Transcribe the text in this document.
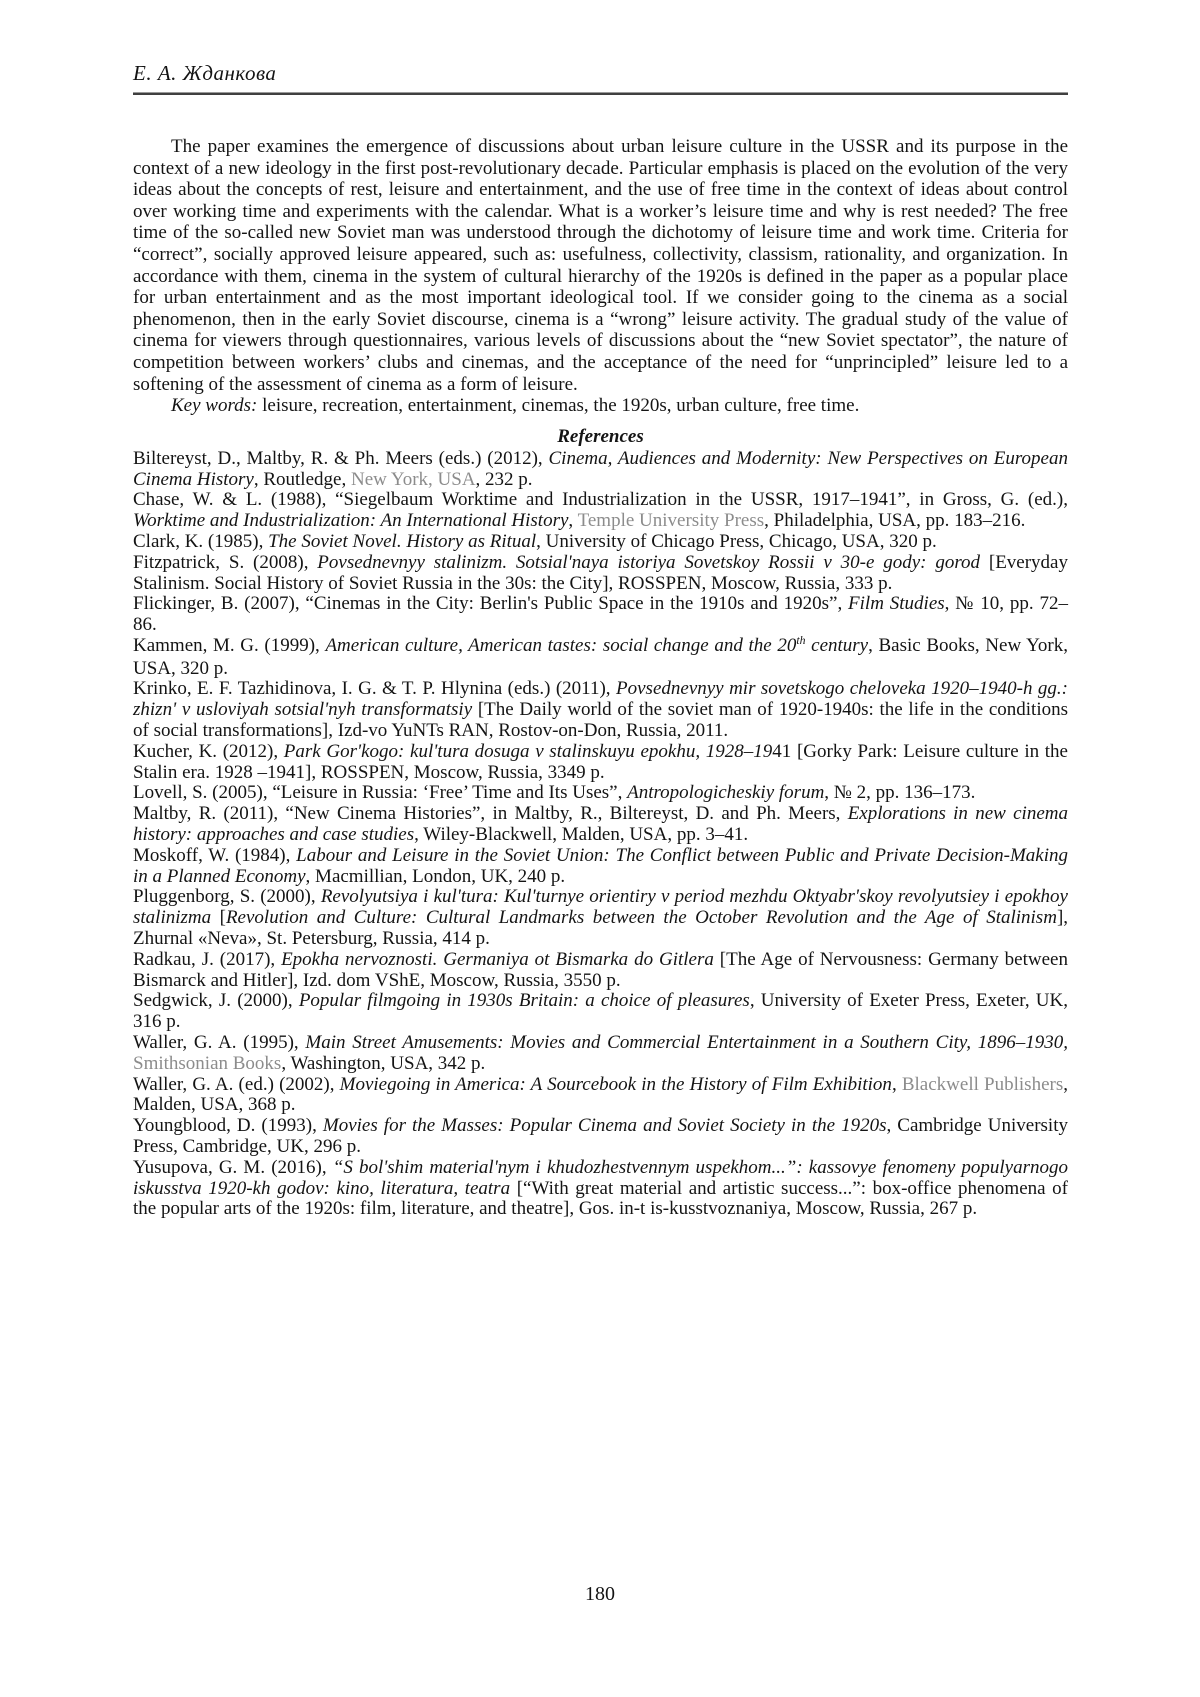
Е. А. Жданкова

The paper examines the emergence of discussions about urban leisure culture in the USSR and its purpose in the context of a new ideology in the first post-revolutionary decade. Particular emphasis is placed on the evolution of the very ideas about the concepts of rest, leisure and entertainment, and the use of free time in the context of ideas about control over working time and experiments with the calendar. What is a worker’s leisure time and why is rest needed? The free time of the so-called new Soviet man was understood through the dichotomy of leisure time and work time. Criteria for “correct”, socially approved leisure appeared, such as: usefulness, collectivity, classism, rationality, and organization. In accordance with them, cinema in the system of cultural hierarchy of the 1920s is defined in the paper as a popular place for urban entertainment and as the most important ideological tool. If we consider going to the cinema as a social phenomenon, then in the early Soviet discourse, cinema is a “wrong” leisure activity. The gradual study of the value of cinema for viewers through questionnaires, various levels of discussions about the “new Soviet spectator”, the nature of competition between workers’ clubs and cinemas, and the acceptance of the need for “unprincipled” leisure led to a softening of the assessment of cinema as a form of leisure.

Key words: leisure, recreation, entertainment, cinemas, the 1920s, urban culture, free time.

References

Biltereyst, D., Maltby, R. & Ph. Meers (eds.) (2012), Cinema, Audiences and Modernity: New Perspectives on European Cinema History, Routledge, New York, USA, 232 p.

Chase, W. & L. (1988), “Siegelbaum Worktime and Industrialization in the USSR, 1917–1941”, in Gross, G. (ed.), Worktime and Industrialization: An International History, Temple University Press, Philadelphia, USA, pp. 183–216.

Clark, K. (1985), The Soviet Novel. History as Ritual, University of Chicago Press, Chicago, USA, 320 p.

Fitzpatrick, S. (2008), Povsednevnyy stalinizm. Sotsial'naya istoriya Sovetskoy Rossii v 30-e gody: gorod [Everyday Stalinism. Social History of Soviet Russia in the 30s: the City], ROSSPEN, Moscow, Russia, 333 p.

Flickinger, B. (2007), “Cinemas in the City: Berlin's Public Space in the 1910s and 1920s”, Film Studies, № 10, pp. 72–86.

Kammen, M. G. (1999), American culture, American tastes: social change and the 20th century, Basic Books, New York, USA, 320 p.

Krinko, E. F. Tazhidinova, I. G. & T. P. Hlynina (eds.) (2011), Povsednevnyy mir sovetskogo cheloveka 1920–1940-h gg.: zhizn' v usloviyah sotsial'nyh transformatsiy [The Daily world of the soviet man of 1920-1940s: the life in the conditions of social transformations], Izd-vo YuNTs RAN, Rostov-on-Don, Russia, 2011.

Kucher, K. (2012), Park Gor'kogo: kul'tura dosuga v stalinskuyu epokhu, 1928–1941 [Gorky Park: Leisure culture in the Stalin era. 1928 –1941], ROSSPEN, Moscow, Russia, 3349 p.

Lovell, S. (2005), “Leisure in Russia: ‘Free’ Time and Its Uses”, Antropologicheskiy forum, № 2, pp. 136–173.

Maltby, R. (2011), “New Cinema Histories”, in Maltby, R., Biltereyst, D. and Ph. Meers, Explorations in new cinema history: approaches and case studies, Wiley-Blackwell, Malden, USA, pp. 3–41.

Moskoff, W. (1984), Labour and Leisure in the Soviet Union: The Conflict between Public and Private Decision-Making in a Planned Economy, Macmillian, London, UK, 240 p.

Pluggenborg, S. (2000), Revolyutsiya i kul'tura: Kul'turnye orientiry v period mezhdu Oktyabr'skoy revolyutsiey i epokhoy stalinizma [Revolution and Culture: Cultural Landmarks between the October Revolution and the Age of Stalinism], Zhurnal «Neva», St. Petersburg, Russia, 414 p.

Radkau, J. (2017), Epokha nervoznosti. Germaniya ot Bismarka do Gitlera [The Age of Nervousness: Germany between Bismarck and Hitler], Izd. dom VShE, Moscow, Russia, 3550 p.

Sedgwick, J. (2000), Popular filmgoing in 1930s Britain: a choice of pleasures, University of Exeter Press, Exeter, UK, 316 p.

Waller, G. A. (1995), Main Street Amusements: Movies and Commercial Entertainment in a Southern City, 1896–1930, Smithsonian Books, Washington, USA, 342 p.

Waller, G. A. (ed.) (2002), Moviegoing in America: A Sourcebook in the History of Film Exhibition, Blackwell Publishers, Malden, USA, 368 p.

Youngblood, D. (1993), Movies for the Masses: Popular Cinema and Soviet Society in the 1920s, Cambridge University Press, Cambridge, UK, 296 p.

Yusupova, G. M. (2016), “S bol'shim material'nym i khudozhestvennym uspekhom...”: kassovye fenomeny populyarnogo iskusstva 1920-kh godov: kino, literatura, teatra [“With great material and artistic success...”: box-office phenomena of the popular arts of the 1920s: film, literature, and theatre], Gos. in-t is-kusstvoznaniya, Moscow, Russia, 267 p.

180
